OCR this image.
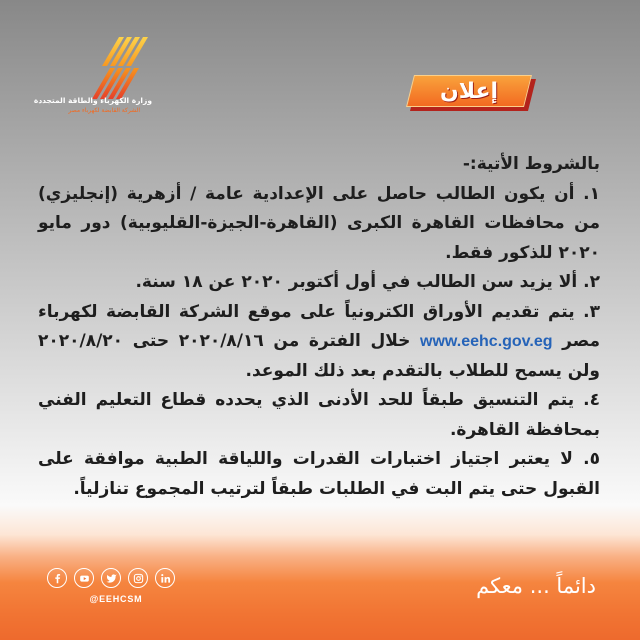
وزارة الكهرباء والطاقة المتجددة
الشركة القابضة لكهرباء مصر
إعلان

بالشروط الأتية:-

١. أن يكون الطالب حاصل على الإعدادية عامة / أزهرية (إنجليزي) من محافظات القاهرة الكبرى (القاهرة-الجيزة-القليوبية) دور مايو ٢٠٢٠ للذكور فقط.

٢. ألا يزيد سن الطالب في أول أكتوبر ٢٠٢٠ عن ١٨ سنة.

٣. يتم تقديم الأوراق الكترونياً على موقع الشركة القابضة لكهرباء مصر www.eehc.gov.eg خلال الفترة من ٢٠٢٠/٨/١٦ حتى ٢٠٢٠/٨/٢٠ ولن يسمح للطلاب بالتقدم بعد ذلك الموعد.

٤. يتم التنسيق طبقاً للحد الأدنى الذي يحدده قطاع التعليم الفني بمحافظة القاهرة.

٥. لا يعتبر اجتياز اختبارات القدرات واللياقة الطبية موافقة على القبول حتى يتم البت في الطلبات طبقاً لترتيب المجموع تنازلياً.

@EEHCSM
دائماً ... معكم
